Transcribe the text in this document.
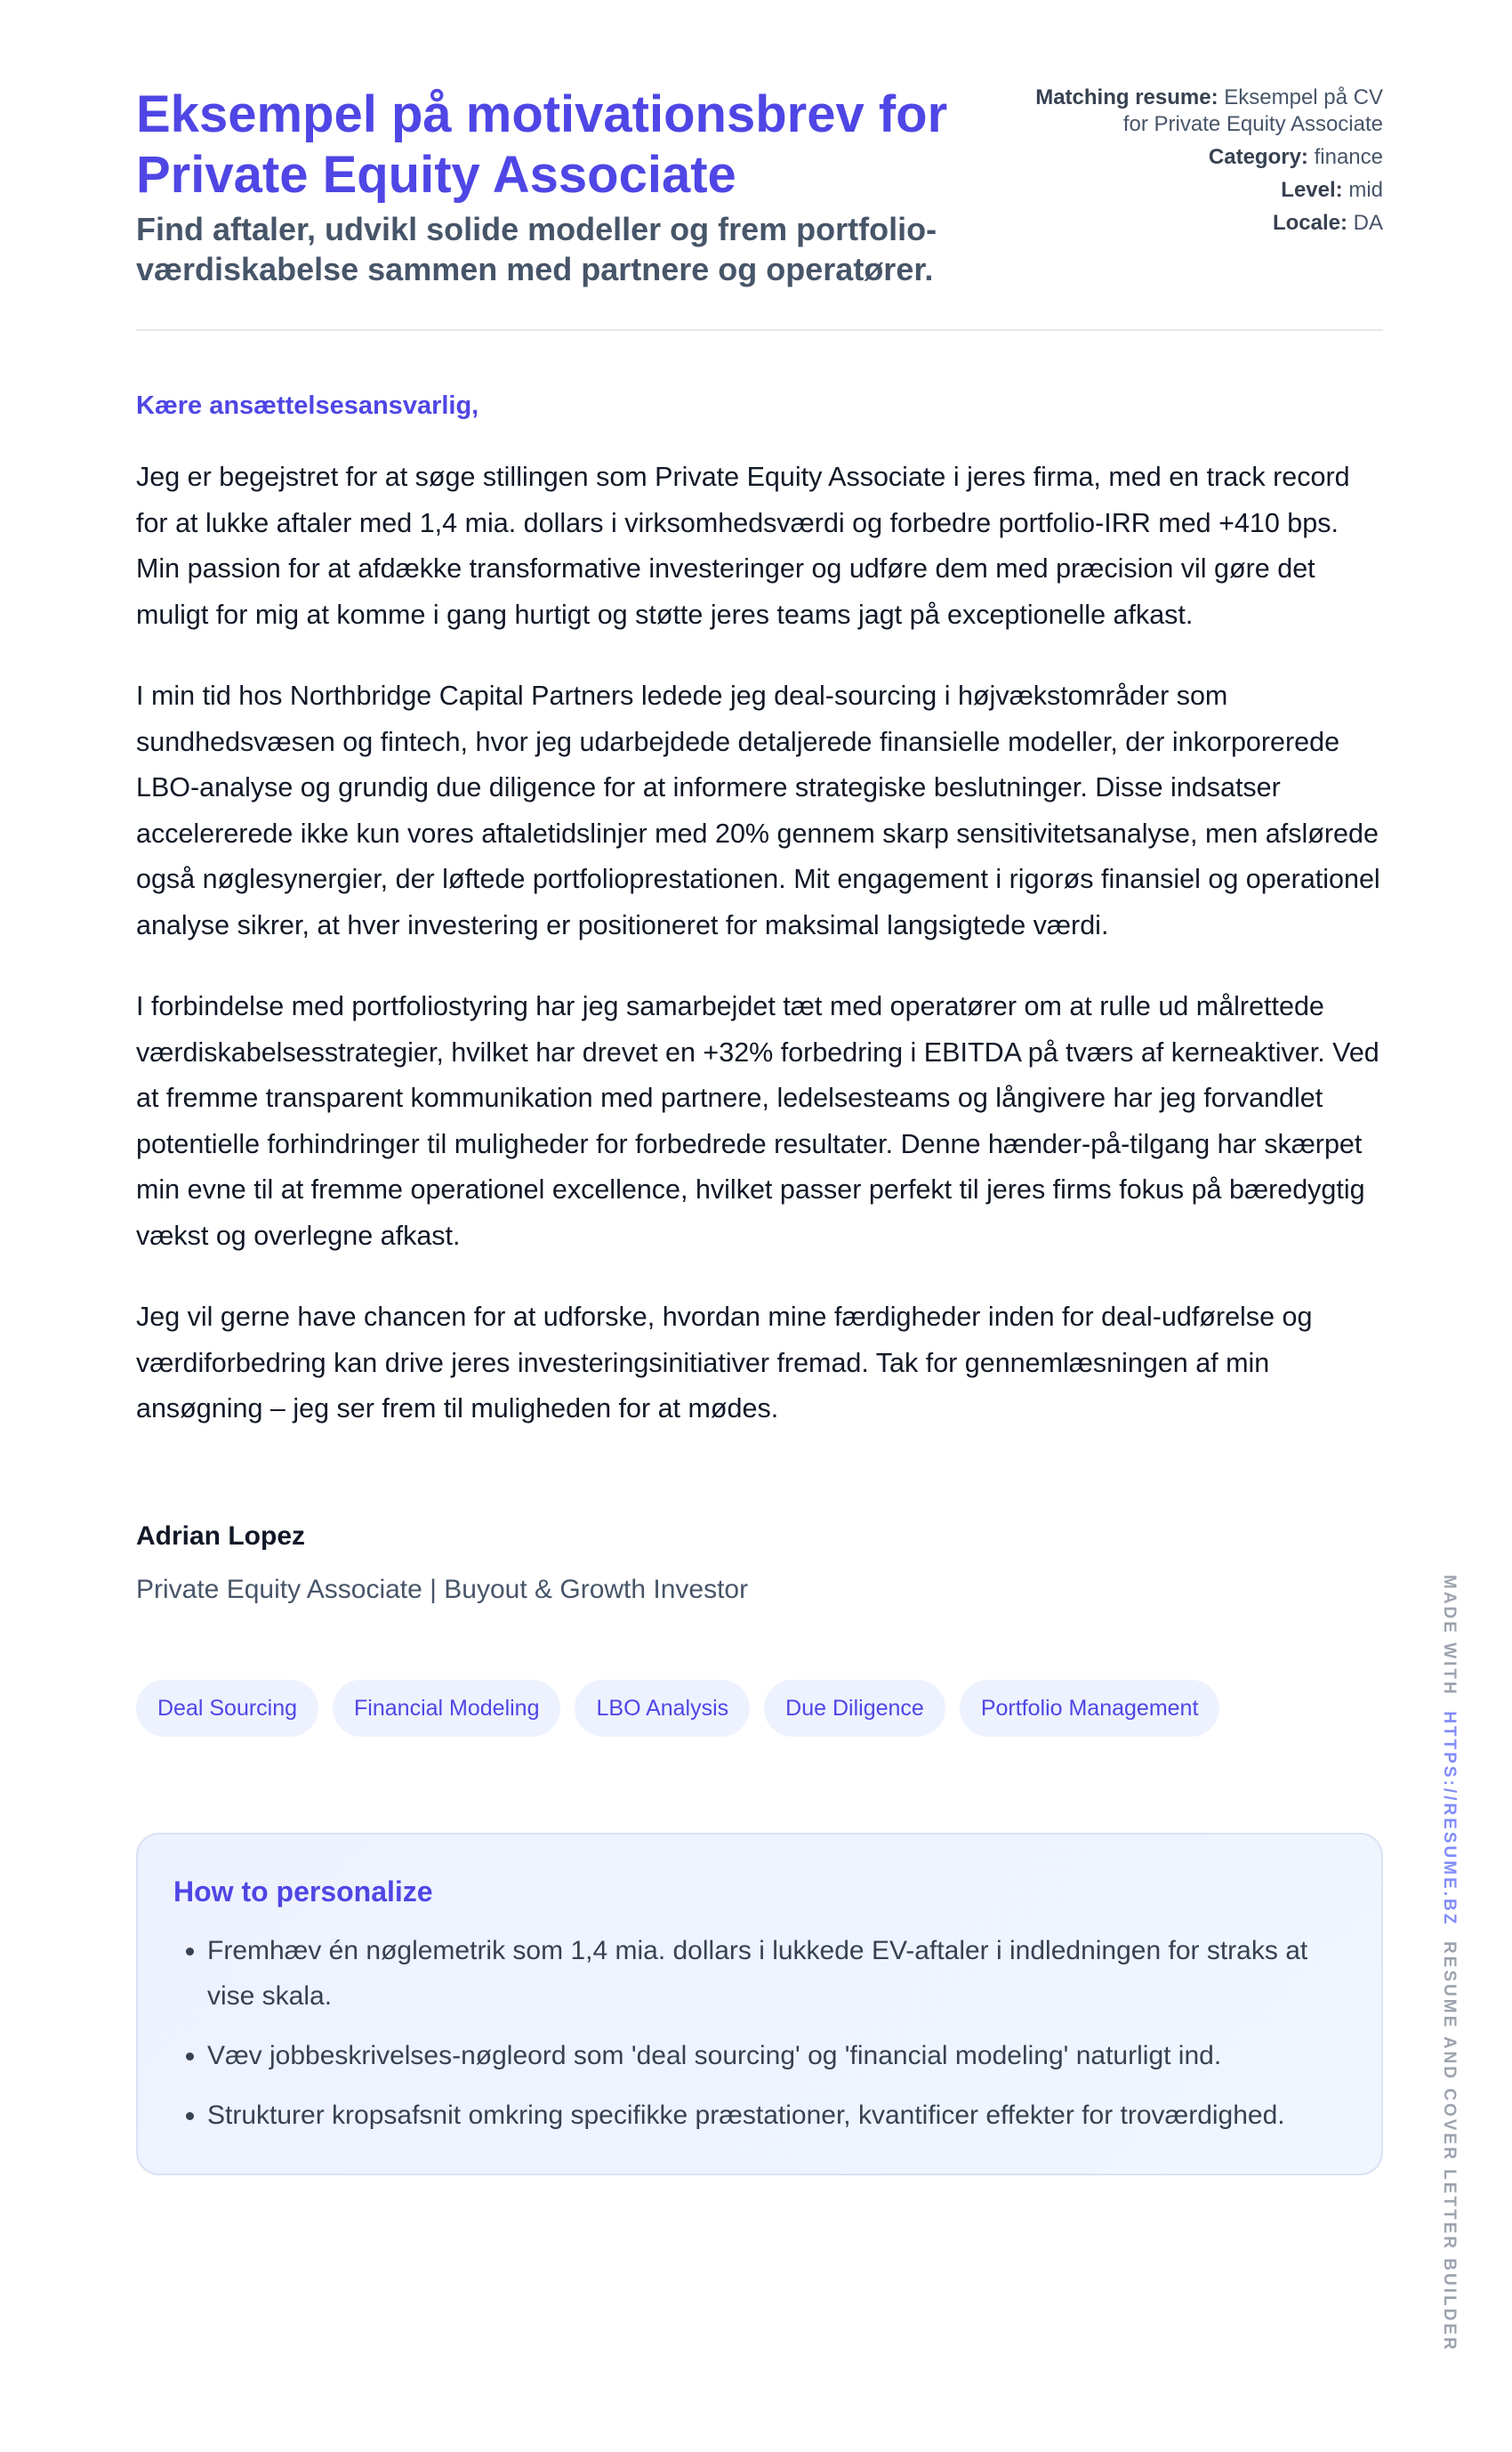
Eksempel på motivationsbrev for Private Equity Associate

Find aftaler, udvikl solide modeller og frem portfolio-værdiskabelse sammen med partnere og operatører.

Matching resume: Eksempel på CV for Private Equity Associate
Category: finance
Level: mid
Locale: DA
Kære ansættelsesansvarlig,

Jeg er begejstret for at søge stillingen som Private Equity Associate i jeres firma, med en track record for at lukke aftaler med 1,4 mia. dollars i virksomhedsværdi og forbedre portfolio-IRR med +410 bps. Min passion for at afdække transformative investeringer og udføre dem med præcision vil gøre det muligt for mig at komme i gang hurtigt og støtte jeres teams jagt på exceptionelle afkast.

I min tid hos Northbridge Capital Partners ledede jeg deal-sourcing i højvækstområder som sundhedsvæsen og fintech, hvor jeg udarbejdede detaljerede finansielle modeller, der inkorporerede LBO-analyse og grundig due diligence for at informere strategiske beslutninger. Disse indsatser accelererede ikke kun vores aftaletidslinjer med 20% gennem skarp sensitivitetsanalyse, men afslørede også nøglesynergier, der løftede portfolioprestationen. Mit engagement i rigorøs finansiel og operationel analyse sikrer, at hver investering er positioneret for maksimal langsigtede værdi.

I forbindelse med portfoliostyring har jeg samarbejdet tæt med operatører om at rulle ud målrettede værdiskabelsesstrategier, hvilket har drevet en +32% forbedring i EBITDA på tværs af kerneaktiver. Ved at fremme transparent kommunikation med partnere, ledelsesteams og långivere har jeg forvandlet potentielle forhindringer til muligheder for forbedrede resultater. Denne hænder-på-tilgang har skærpet min evne til at fremme operationel excellence, hvilket passer perfekt til jeres firms fokus på bæredygtig vækst og overlegne afkast.

Jeg vil gerne have chancen for at udforske, hvordan mine færdigheder inden for deal-udførelse og værdiforbedring kan drive jeres investeringsinitiativer fremad. Tak for gennemlæsningen af min ansøgning – jeg ser frem til muligheden for at mødes.

Adrian Lopez
Private Equity Associate | Buyout & Growth Investor
Deal Sourcing	Financial Modeling	LBO Analysis	Due Diligence	Portfolio Management
How to personalize
• Fremhæv én nøglemetrik som 1,4 mia. dollars i lukkede EV-aftaler i indledningen for straks at vise skala.
• Væv jobbeskrivelses-nøgleord som 'deal sourcing' og 'financial modeling' naturligt ind.
• Strukturer kropsafsnit omkring specifikke præstationer, kvantificer effekter for troværdighed.
MADE WITH  HTTPS://RESUME.BZ  RESUME AND COVER LETTER BUILDER
